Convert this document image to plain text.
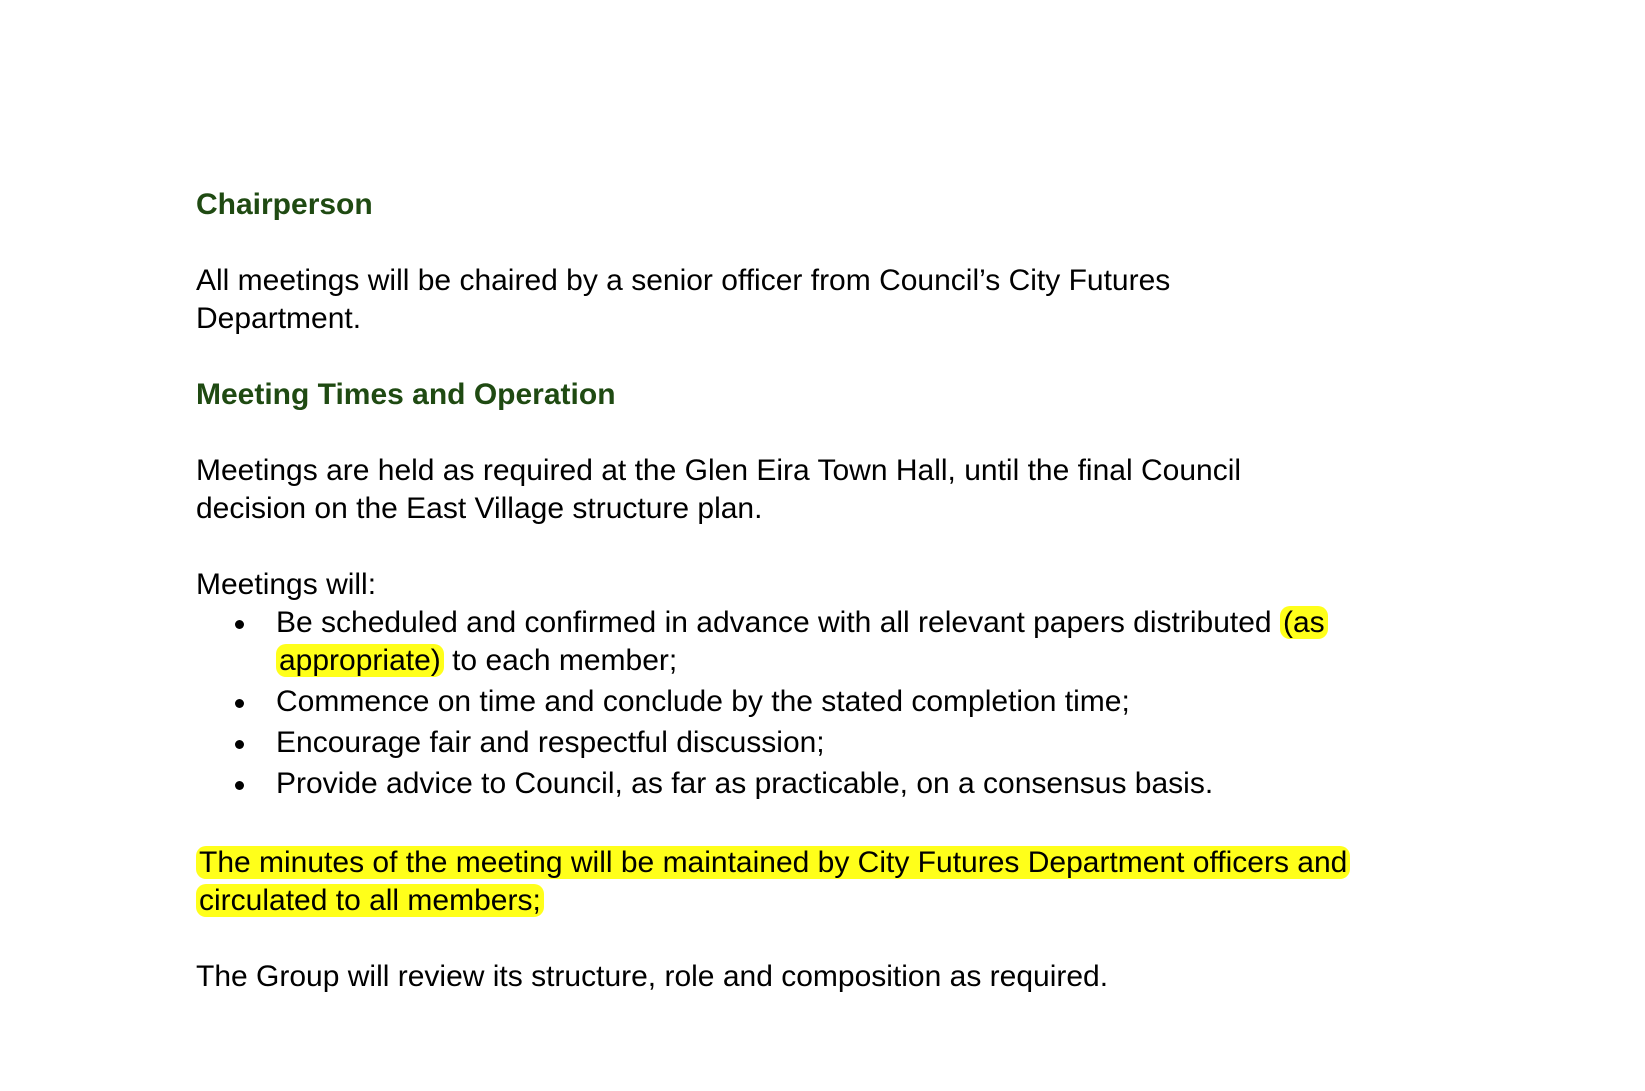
Chairperson

All meetings will be chaired by a senior officer from Council’s City Futures Department.

Meeting Times and Operation

Meetings are held as required at the Glen Eira Town Hall, until the final Council decision on the East Village structure plan.

Meetings will:

Be scheduled and confirmed in advance with all relevant papers distributed (as appropriate) to each member;
Commence on time and conclude by the stated completion time;
Encourage fair and respectful discussion;
Provide advice to Council, as far as practicable, on a consensus basis.

The minutes of the meeting will be maintained by City Futures Department officers and circulated to all members;

The Group will review its structure, role and composition as required.
